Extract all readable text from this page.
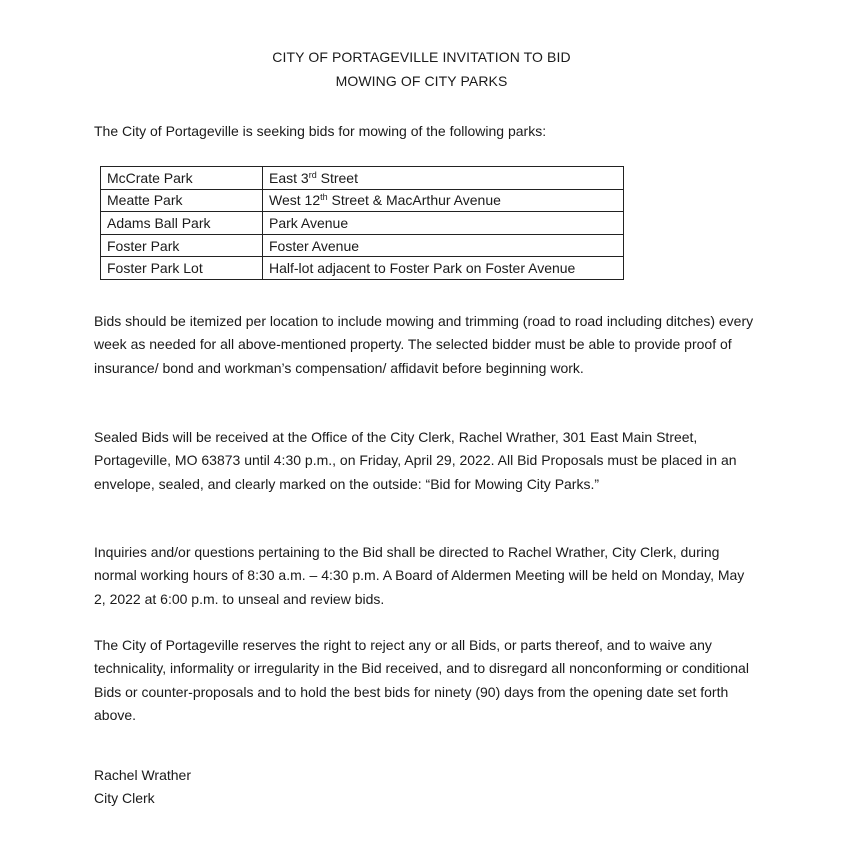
CITY OF PORTAGEVILLE INVITATION TO BID
MOWING OF CITY PARKS

The City of Portageville is seeking bids for mowing of the following parks:

McCrate Park	East 3rd Street
Meatte Park	West 12th Street & MacArthur Avenue
Adams Ball Park	Park Avenue
Foster Park	Foster Avenue
Foster Park Lot	Half-lot adjacent to Foster Park on Foster Avenue

Bids should be itemized per location to include mowing and trimming (road to road including ditches) every week as needed for all above-mentioned property. The selected bidder must be able to provide proof of insurance/ bond and workman’s compensation/ affidavit before beginning work.

Sealed Bids will be received at the Office of the City Clerk, Rachel Wrather, 301 East Main Street, Portageville, MO 63873 until 4:30 p.m., on Friday, April 29, 2022. All Bid Proposals must be placed in an envelope, sealed, and clearly marked on the outside: “Bid for Mowing City Parks.”

Inquiries and/or questions pertaining to the Bid shall be directed to Rachel Wrather, City Clerk, during normal working hours of 8:30 a.m. – 4:30 p.m. A Board of Aldermen Meeting will be held on Monday, May 2, 2022 at 6:00 p.m. to unseal and review bids.

The City of Portageville reserves the right to reject any or all Bids, or parts thereof, and to waive any technicality, informality or irregularity in the Bid received, and to disregard all nonconforming or conditional Bids or counter-proposals and to hold the best bids for ninety (90) days from the opening date set forth above.

Rachel Wrather
City Clerk
